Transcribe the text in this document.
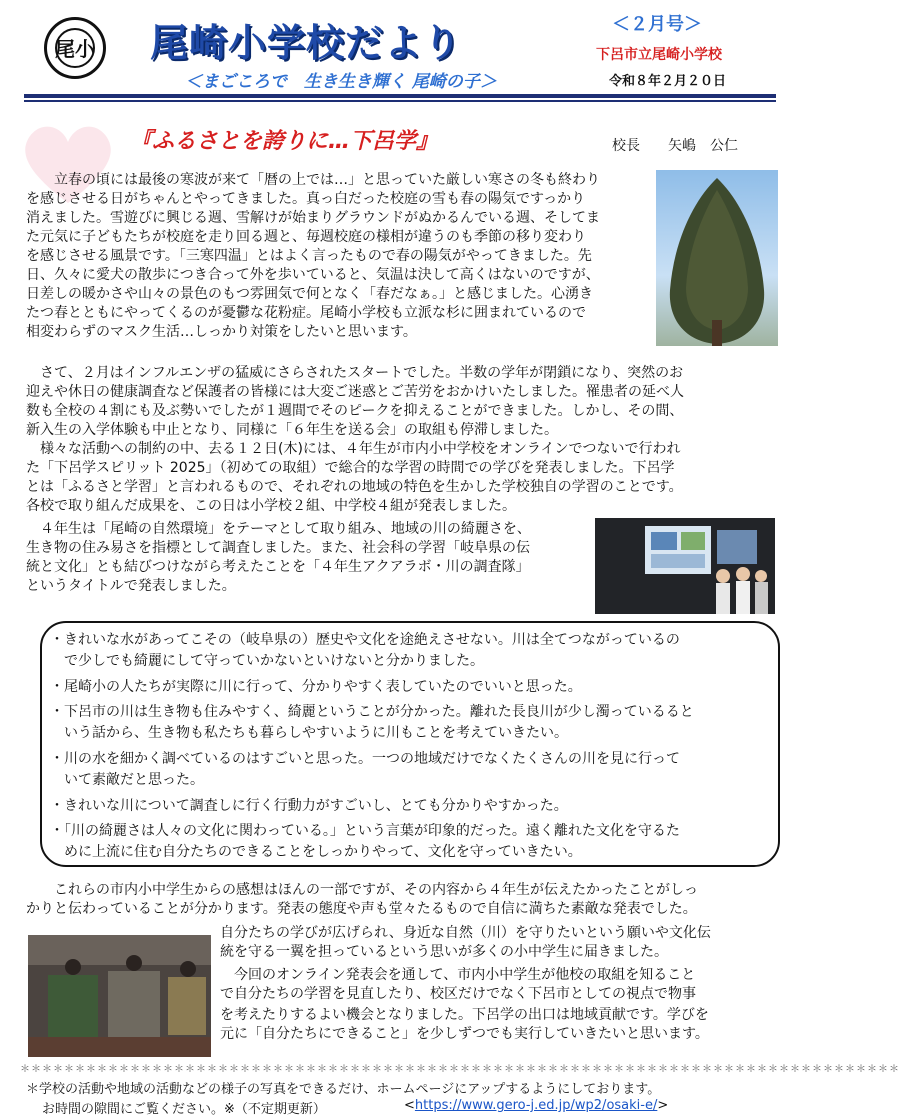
尾小 尾崎小学校だより
＜まごころで　生き生き輝く 尾崎の子＞
＜２月号＞
下呂市立尾崎小学校
令和８年２月２０日
『ふるさとを誇りに…下呂学』	校長　　矢嶋　公仁
　立春の頃には最後の寒波が来て「暦の上では…」と思っていた厳しい寒さの冬も終わり
を感じさせる日がちゃんとやってきました。真っ白だった校庭の雪も春の陽気ですっかり
消えました。雪遊びに興じる週、雪解けが始まりグラウンドがぬかるんでいる週、そしてま
た元気に子どもたちが校庭を走り回る週と、毎週校庭の様相が違うのも季節の移り変わり
を感じさせる風景です。「三寒四温」とはよく言ったもので春の陽気がやってきました。先
日、久々に愛犬の散歩につき合って外を歩いていると、気温は決して高くはないのですが、
日差しの暖かさや山々の景色のもつ雰囲気で何となく「春だなぁ。」と感じました。心湧き
たつ春とともにやってくるのが憂鬱な花粉症。尾崎小学校も立派な杉に囲まれているので
相変わらずのマスク生活…しっかり対策をしたいと思います。
　さて、２月はインフルエンザの猛威にさらされたスタートでした。半数の学年が閉鎖になり、突然のお
迎えや休日の健康調査など保護者の皆様には大変ご迷惑とご苦労をおかけいたしました。罹患者の延べ人
数も全校の４割にも及ぶ勢いでしたが１週間でそのピークを抑えることができました。しかし、その間、
新入生の入学体験も中止となり、同様に「６年生を送る会」の取組も停滞しました。
　様々な活動への制約の中、去る１２日(木)には、４年生が市内小中学校をオンラインでつないで行われ
た「下呂学スピリット 2025」（初めての取組）で総合的な学習の時間での学びを発表しました。下呂学
とは「ふるさと学習」と言われるもので、それぞれの地域の特色を生かした学校独自の学習のことです。
各校で取り組んだ成果を、この日は小学校２組、中学校４組が発表しました。
　４年生は「尾崎の自然環境」をテーマとして取り組み、地域の川の綺麗さを、
生き物の住み易さを指標として調査しました。また、社会科の学習「岐阜県の伝
統と文化」とも結びつけながら考えたことを「４年生アクアラボ・川の調査隊」
というタイトルで発表しました。
・きれいな水があってこその（岐阜県の）歴史や文化を途絶えさせない。川は全てつながっているの
　で少しでも綺麗にして守っていかないといけないと分かりました。
・尾崎小の人たちが実際に川に行って、分かりやすく表していたのでいいと思った。
・下呂市の川は生き物も住みやすく、綺麗ということが分かった。離れた長良川が少し濁っているると
　いう話から、生き物も私たちも暮らしやすいように川もことを考えていきたい。
・川の水を細かく調べているのはすごいと思った。一つの地域だけでなくたくさんの川を見に行って
　いて素敵だと思った。
・きれいな川について調査しに行く行動力がすごいし、とても分かりやすかった。
・「川の綺麗さは人々の文化に関わっている。」という言葉が印象的だった。遠く離れた文化を守るた
　めに上流に住む自分たちのできることをしっかりやって、文化を守っていきたい。
　これらの市内小中学生からの感想はほんの一部ですが、その内容から４年生が伝えたかったことがしっ
かりと伝わっていることが分かります。発表の態度や声も堂々たるもので自信に満ちた素敵な発表でした。
自分たちの学びが広げられ、身近な自然（川）を守りたいという願いや文化伝
統を守る一翼を担っているという思いが多くの小中学生に届きました。
　今回のオンライン発表会を通して、市内小中学生が他校の取組を知ること
で自分たちの学習を見直したり、校区だけでなく下呂市としての視点で物事
を考えたりするよい機会となりました。下呂学の出口は地域貢献です。学びを
元に「自分たちにできること」を少しずつでも実行していきたいと思います。
＊＊＊＊＊＊＊＊＊＊＊＊＊＊＊＊＊＊＊＊＊＊＊＊＊＊＊＊＊＊＊＊＊＊＊＊＊＊＊＊＊＊＊＊＊＊＊＊＊＊＊＊＊＊＊＊＊＊＊＊＊＊＊＊＊＊＊＊＊＊＊＊＊＊＊＊＊＊＊＊
＊学校の活動や地域の活動などの様子の写真をできるだけ、ホームページにアップするようにしております。
お時間の隙間にご覧ください。※（不定期更新）	<https://www.gero-j.ed.jp/wp2/osaki-e/>
